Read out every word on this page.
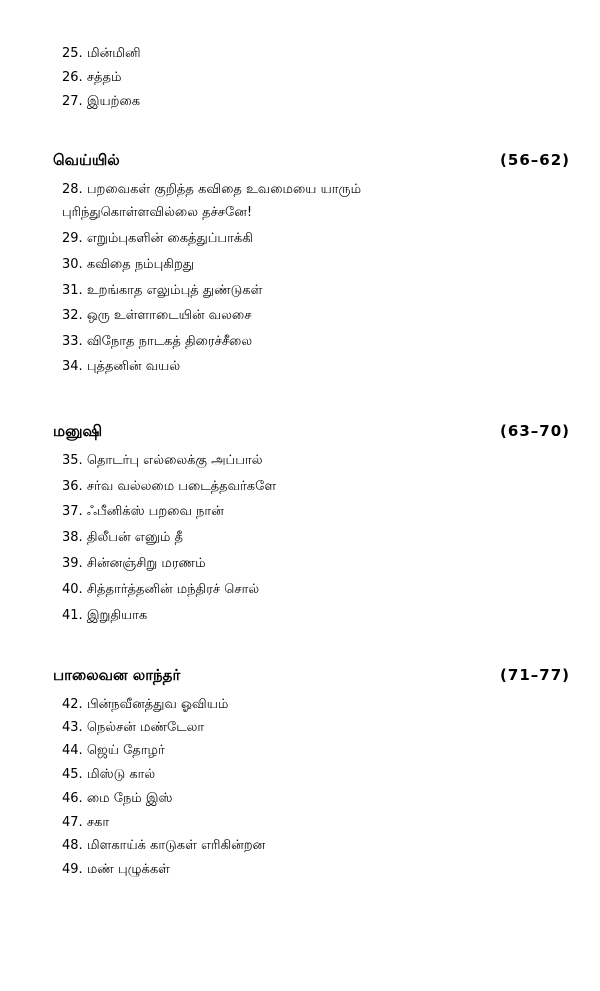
25. மின்மினி
26. சத்தம்
27. இயற்கை
வெய்யில்	(56–62)
28. பறவைகள் குறித்த கவிதை உவமையை யாரும்
புரிந்துகொள்ளவில்லை தச்சனே!
29. எறும்புகளின் கைத்துப்பாக்கி
30. கவிதை நம்புகிறது
31. உறங்காத எலும்புத் துண்டுகள்
32. ஒரு உள்ளாடையின் வலசை
33. விநோத நாடகத் திரைச்சீலை
34. புத்தனின் வயல்
மனுஷி	(63–70)
35. தொடர்பு எல்லைக்கு அப்பால்
36. சர்வ வல்லமை படைத்தவர்களே
37. ஃபீனிக்ஸ் பறவை நான்
38. திலீபன் எனும் தீ
39. சின்னஞ்சிறு மரணம்
40. சித்தார்த்தனின் மந்திரச் சொல்
41. இறுதியாக
பாலைவன லாந்தர்	(71–77)
42. பின்நவீனத்துவ ஓவியம்
43. நெல்சன் மண்டேலா
44. ஜெய் தோழர்
45. மிஸ்டு கால்
46. மை நேம் இஸ்
47. சகா
48. மிளகாய்க் காடுகள் எரிகின்றன
49. மண் புழுக்கள்
